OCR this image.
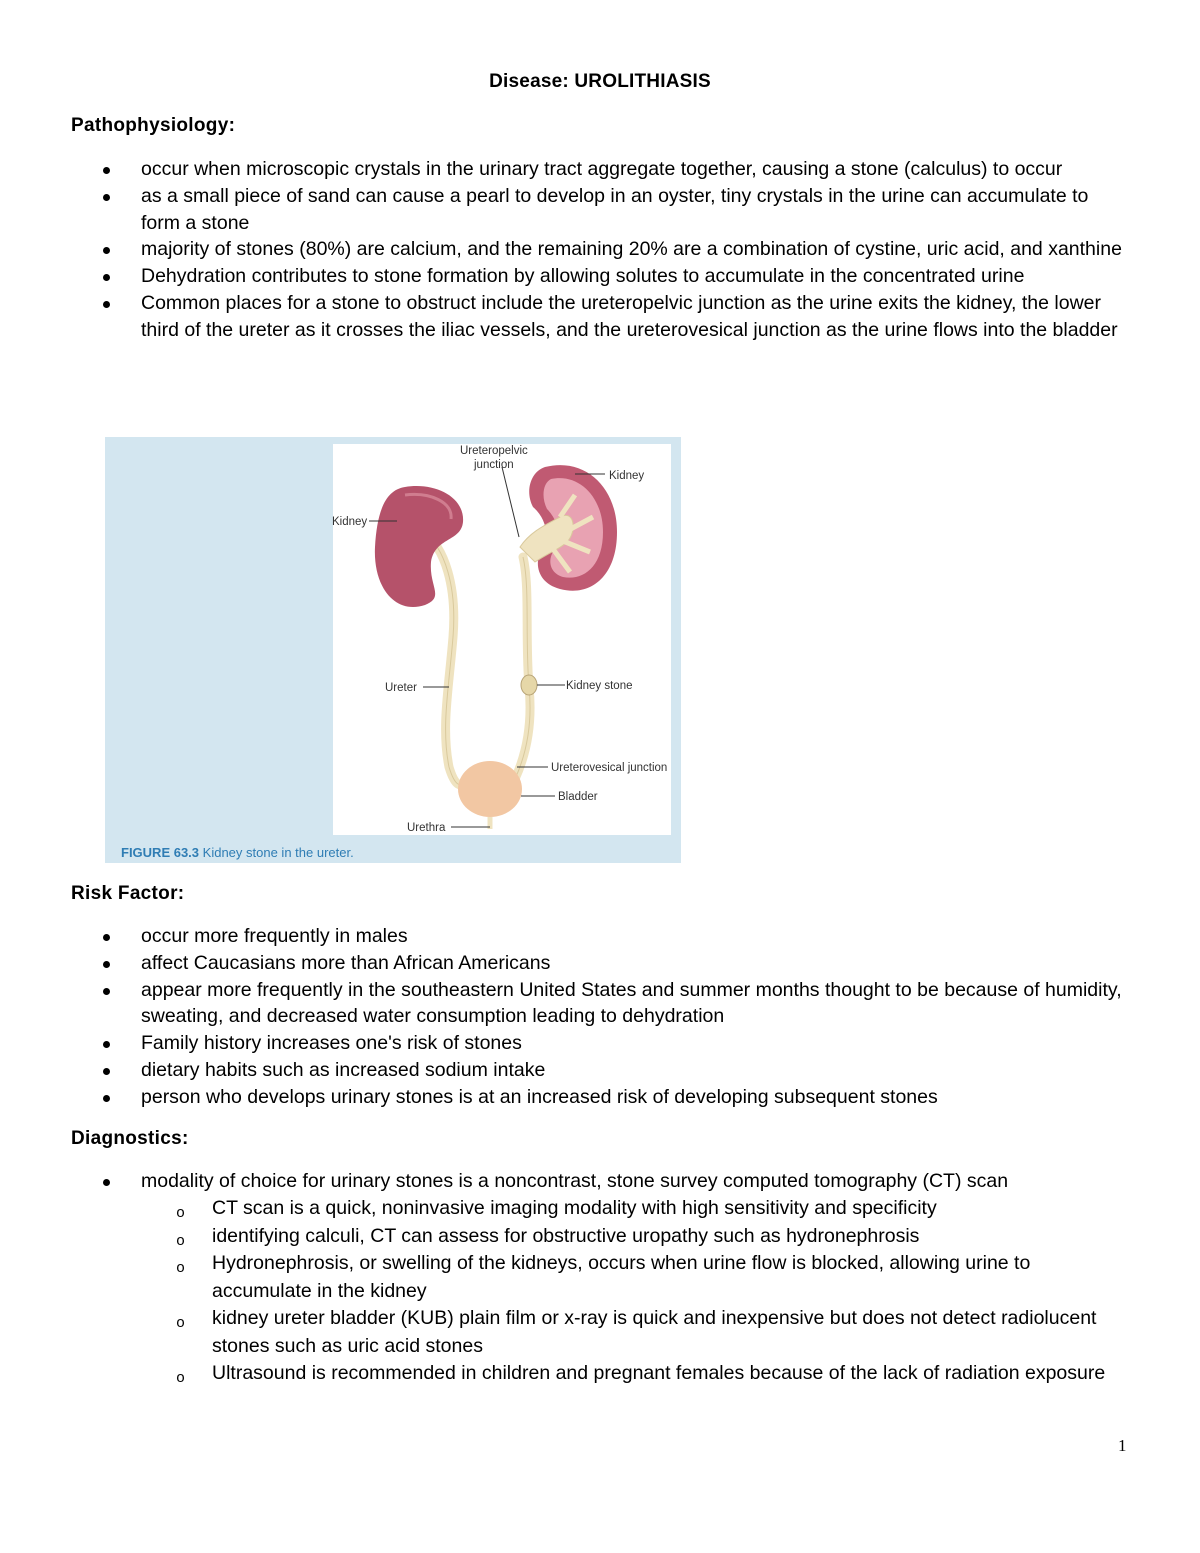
Disease: UROLITHIASIS
Pathophysiology:
occur when microscopic crystals in the urinary tract aggregate together, causing a stone (calculus) to occur
as a small piece of sand can cause a pearl to develop in an oyster, tiny crystals in the urine can accumulate to form a stone
majority of stones (80%) are calcium, and the remaining 20% are a combination of cystine, uric acid, and xanthine
Dehydration contributes to stone formation by allowing solutes to accumulate in the concentrated urine
Common places for a stone to obstruct include the ureteropelvic junction as the urine exits the kidney, the lower third of the ureter as it crosses the iliac vessels, and the ureterovesical junction as the urine flows into the bladder
Ureteropelvic
junction
Kidney
Kidney
Ureter	Kidney stone
Ureterovesical junction
Bladder
Urethra
FIGURE 63.3 Kidney stone in the ureter.
Risk Factor:
occur more frequently in males
affect Caucasians more than African Americans
appear more frequently in the southeastern United States and summer months thought to be because of humidity, sweating, and decreased water consumption leading to dehydration
Family history increases one's risk of stones
dietary habits such as increased sodium intake
person who develops urinary stones is at an increased risk of developing subsequent stones
Diagnostics:
modality of choice for urinary stones is a noncontrast, stone survey computed tomography (CT) scan
o CT scan is a quick, noninvasive imaging modality with high sensitivity and specificity
o identifying calculi, CT can assess for obstructive uropathy such as hydronephrosis
o Hydronephrosis, or swelling of the kidneys, occurs when urine flow is blocked, allowing urine to accumulate in the kidney
o kidney ureter bladder (KUB) plain film or x-ray is quick and inexpensive but does not detect radiolucent stones such as uric acid stones
o Ultrasound is recommended in children and pregnant females because of the lack of radiation exposure
1
